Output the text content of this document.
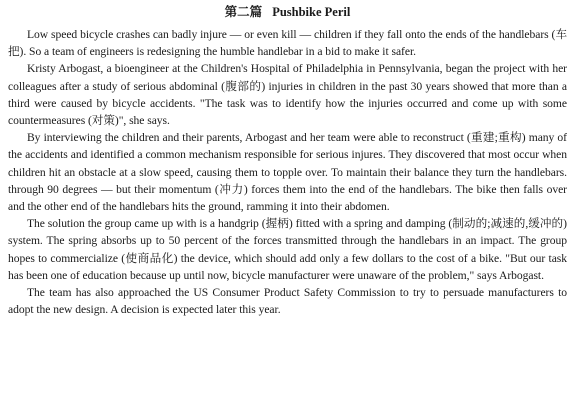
第二篇 Pushbike Peril

Low speed bicycle crashes can badly injure — or even kill — children if they fall onto the ends of the handlebars (车把). So a team of engineers is redesigning the humble handlebar in a bid to make it safer.

Kristy Arbogast, a bioengineer at the Children's Hospital of Philadelphia in Pennsylvania, began the project with her colleagues after a study of serious abdominal (腹部的) injuries in children in the past 30 years showed that more than a third were caused by bicycle accidents. "The task was to identify how the injuries occurred and come up with some countermeasures (对策)", she says.

By interviewing the children and their parents, Arbogast and her team were able to reconstruct (重建;重构) many of the accidents and identified a common mechanism responsible for serious injures. They discovered that most occur when children hit an obstacle at a slow speed, causing them to topple over. To maintain their balance they turn the handlebars. through 90 degrees — but their momentum (冲力) forces them into the end of the handlebars. The bike then falls over and the other end of the handlebars hits the ground, ramming it into their abdomen.

The solution the group came up with is a handgrip (握柄) fitted with a spring and damping (制动的;减速的,缓冲的) system. The spring absorbs up to 50 percent of the forces transmitted through the handlebars in an impact. The group hopes to commercialize (使商品化) the device, which should add only a few dollars to the cost of a bike. "But our task has been one of education because up until now, bicycle manufacturer were unaware of the problem," says Arbogast.

The team has also approached the US Consumer Product Safety Commission to try to persuade manufacturers to adopt the new design. A decision is expected later this year.
